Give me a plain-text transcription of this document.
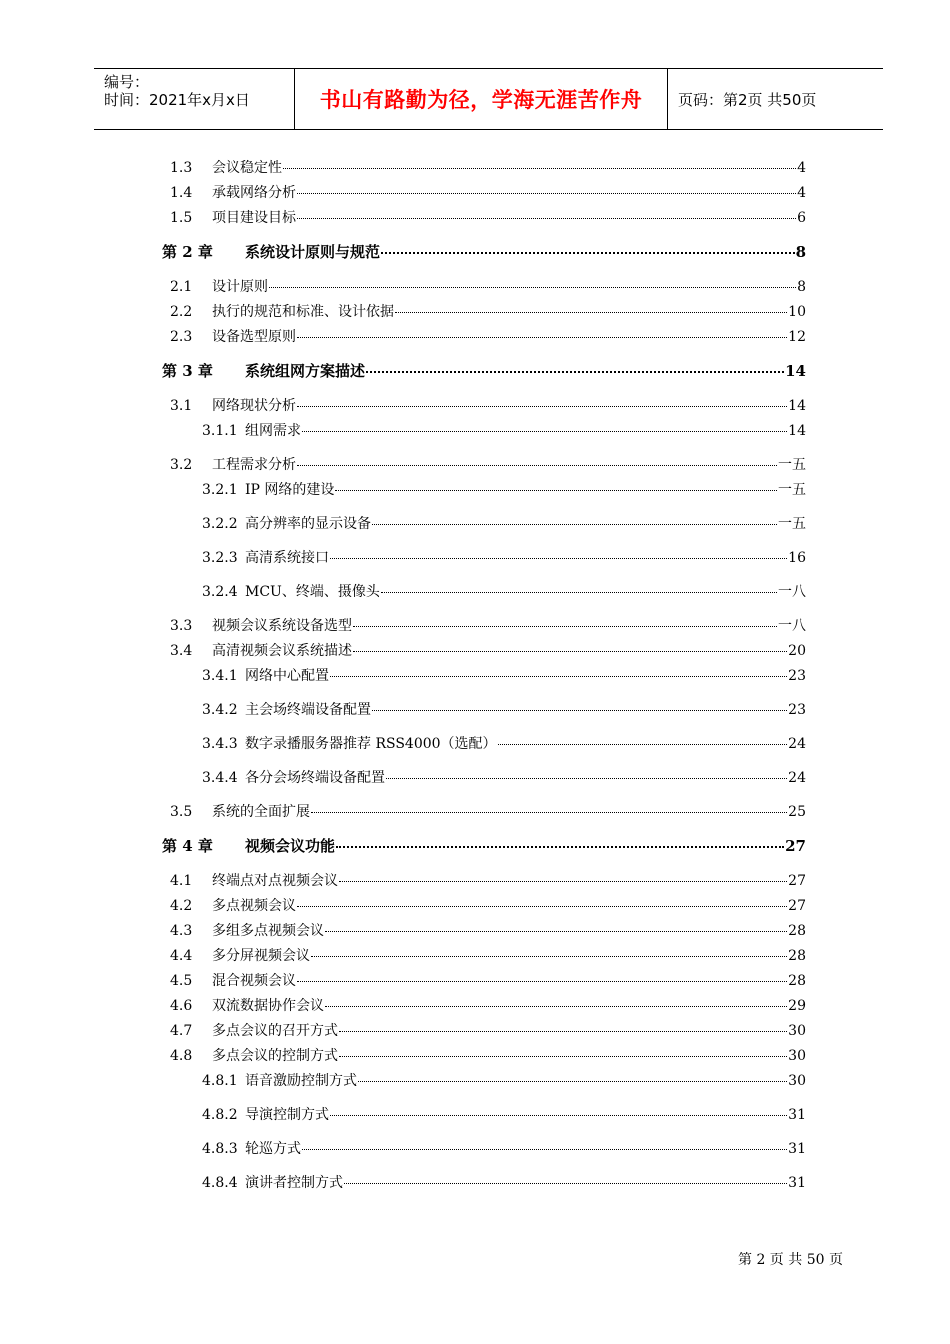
编号：
时间：2021年x月x日	书山有路勤为径，学海无涯苦作舟 页码：第2页 共50页
1.3	会议稳定性	4
1.4	承载网络分析	4
1.5	项目建设目标	6
第 2 章	系统设计原则与规范	8
2.1	设计原则	8
2.2	执行的规范和标准、设计依据	10
2.3	设备选型原则	12
第 3 章	系统组网方案描述	14
3.1	网络现状分析	14
3.1.1 组网需求	14
3.2	工程需求分析	一五
3.2.1 IP 网络的建设	一五
3.2.2 高分辨率的显示设备	一五
3.2.3 高清系统接口	16
3.2.4 MCU、终端、摄像头	一八
3.3	视频会议系统设备选型	一八
3.4	高清视频会议系统描述	20
3.4.1 网络中心配置	23
3.4.2 主会场终端设备配置	23
3.4.3 数字录播服务器推荐 RSS4000（选配）	24
3.4.4 各分会场终端设备配置	24
3.5	系统的全面扩展	25
第 4 章	视频会议功能	27
4.1	终端点对点视频会议	27
4.2	多点视频会议	27
4.3	多组多点视频会议	28
4.4	多分屏视频会议	28
4.5	混合视频会议	28
4.6	双流数据协作会议	29
4.7	多点会议的召开方式	30
4.8	多点会议的控制方式	30
4.8.1 语音激励控制方式	30
4.8.2 导演控制方式	31
4.8.3 轮巡方式	31
4.8.4 演讲者控制方式	31
第 2 页 共 50 页
